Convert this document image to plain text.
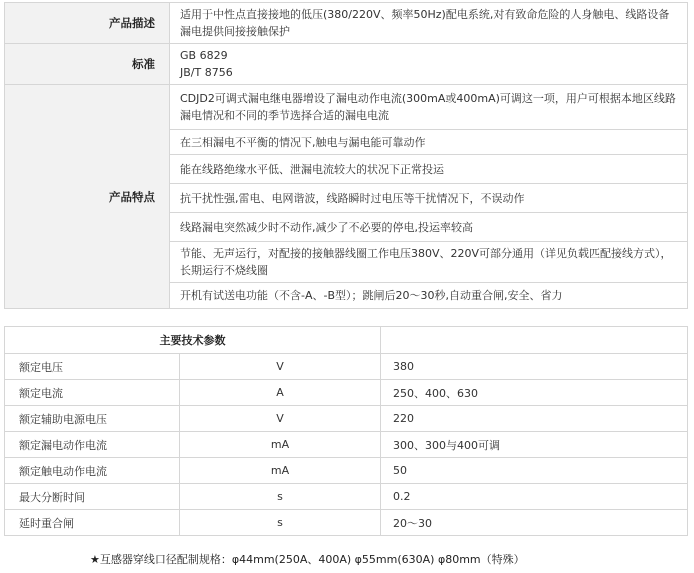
产品描述	适用于中性点直接接地的低压(380/220V、频率50Hz)配电系统,对有致命危险的人身触电、线路设备漏电提供间接接触保护
标准	GB 6829
JB/T 8756

产品特点	CDJD2可调式漏电继电器增设了漏电动作电流(300mA或400mA)可调这一项，用户可根据本地区线路漏电情况和不同的季节选择合适的漏电电流
	在三相漏电不平衡的情况下,触电与漏电能可靠动作
	能在线路绝缘水平低、泄漏电流较大的状况下正常投运
	抗干扰性强,雷电、电网谐波，线路瞬时过电压等干扰情况下，不误动作
	线路漏电突然减少时不动作,减少了不必要的停电,投运率较高
	节能、无声运行，对配接的接触器线圈工作电压380V、220V可部分通用（详见负载匹配接线方式），长期运行不烧线圈
	开机有试送电功能（不含-A、-B型）；跳闸后20～30秒,自动重合闸,安全、省力
主要技术参数		
额定电压	V	380
额定电流	A	250、400、630
额定辅助电源电压	V	220
额定漏电动作电流	mA	300、300与400可调
额定触电动作电流	mA	50
最大分断时间	s	0.2
延时重合闸	s	20～30
★互感器穿线口径配制规格：φ44mm(250A、400A) φ55mm(630A) φ80mm（特殊）
